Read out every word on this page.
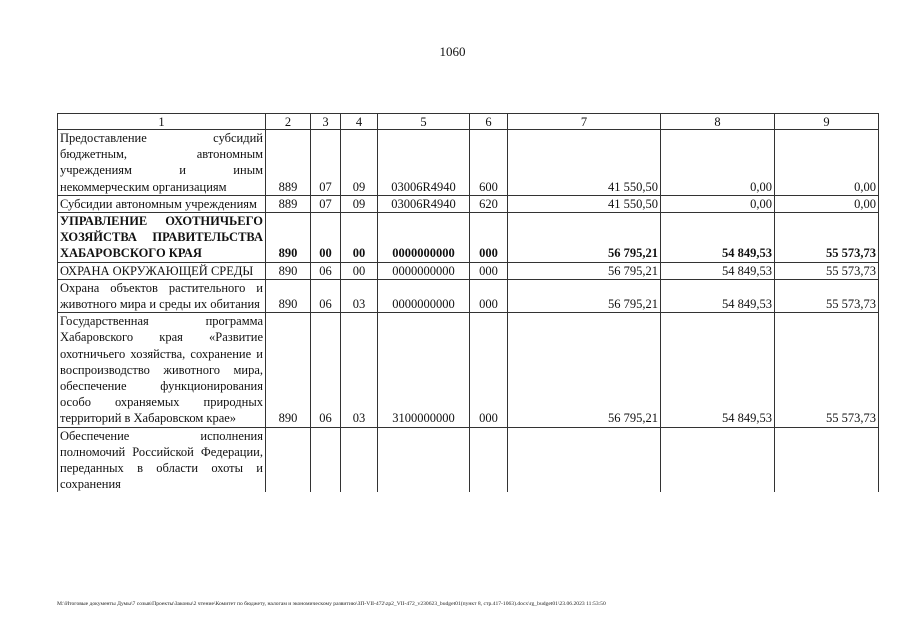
1060
1	2	3	4	5	6	7	8	9
Предоставление субсидий бюджетным, автономным учреждениям и иным некоммерческим организациям	889	07	09	03006R4940	600	41 550,50	0,00	0,00
Субсидии автономным учреждениям	889	07	09	03006R4940	620	41 550,50	0,00	0,00
УПРАВЛЕНИЕ ОХОТНИЧЬЕГО ХОЗЯЙСТВА ПРАВИТЕЛЬСТВА ХАБАРОВСКОГО КРАЯ	890	00	00	0000000000	000	56 795,21	54 849,53	55 573,73
ОХРАНА ОКРУЖАЮЩЕЙ СРЕДЫ	890	06	00	0000000000	000	56 795,21	54 849,53	55 573,73
Охрана объектов растительного и животного мира и среды их обитания	890	06	03	0000000000	000	56 795,21	54 849,53	55 573,73
Государственная программа Хабаровского края «Развитие охотничьего хозяйства, сохранение и воспроизводство животного мира, обеспечение функционирования особо охраняемых природных территорий в Хабаровском крае»	890	06	03	3100000000	000	56 795,21	54 849,53	55 573,73
Обеспечение исполнения полномочий Российской Федерации, переданных в области охоты и сохранения								
M:\Итоговые документы Думы\7 созыв\Проекты\Законы\2 чтение\Комитет по бюджету, налогам и экономическому развитию\ЗП-VII-472\zp2_VII-472_v230623_budget01(пункт 8, стр.417-1063).docx\rg_budget01\23.06.2023 11:53:50
